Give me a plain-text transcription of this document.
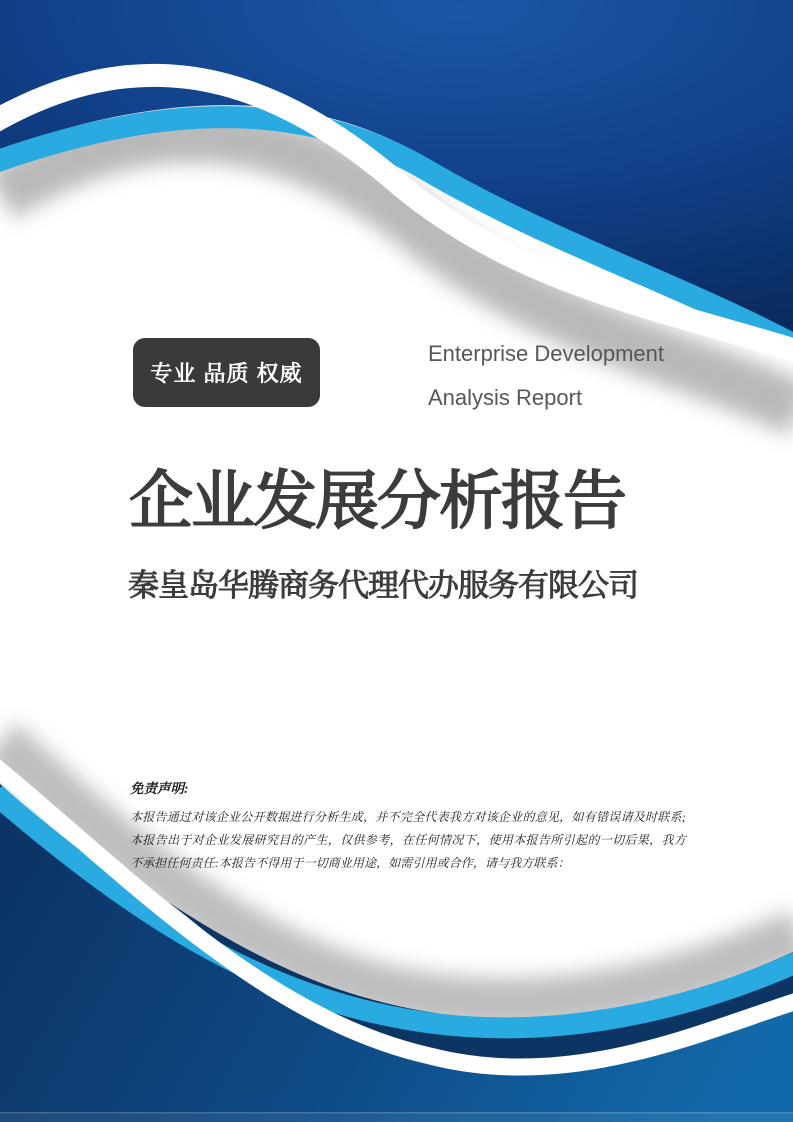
专业 品质 权威
Enterprise Development
Analysis Report
企业发展分析报告
秦皇岛华腾商务代理代办服务有限公司

免责声明:

本报告通过对该企业公开数据进行分析生成，并不完全代表我方对该企业的意见，如有错误请及时联系;本报告出于对企业发展研究目的产生，仅供参考，在任何情况下，使用本报告所引起的一切后果，我方不承担任何责任:本报告不得用于一切商业用途，如需引用或合作，请与我方联系：
